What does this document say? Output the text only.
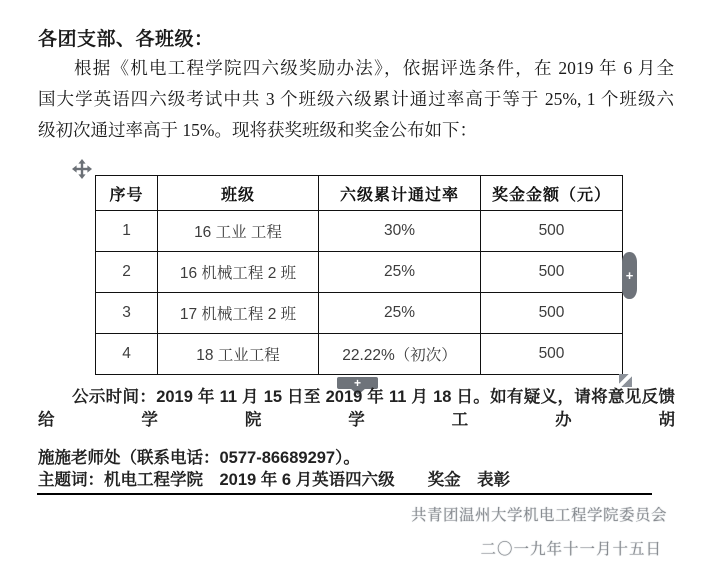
各团支部、各班级：
根据《机电工程学院四六级奖励办法》，依据评选条件，在 2019 年 6 月全
国大学英语四六级考试中共 3 个班级六级累计通过率高于等于 25%, 1 个班级六
级初次通过率高于 15%。现将获奖班级和奖金公布如下：
序号	班级	六级累计通过率	奖金金额（元）
1	16 工业 工程	30%	500
2	16 机械工程 2 班	25%	500
3	17 机械工程 2 班	25%	500
4	18 工业工程	22.22%（初次）	500
+
+
公示时间：2019 年 11 月 15 日至 2019 年 11 月 18 日。如有疑义，请将意见反馈给学院学工办胡
施施老师处（联系电话：0577-86689297）。
主题词：机电工程学院　2019 年 6 月英语四六级　　奖金　表彰
共青团温州大学机电工程学院委员会
二〇一九年十一月十五日
